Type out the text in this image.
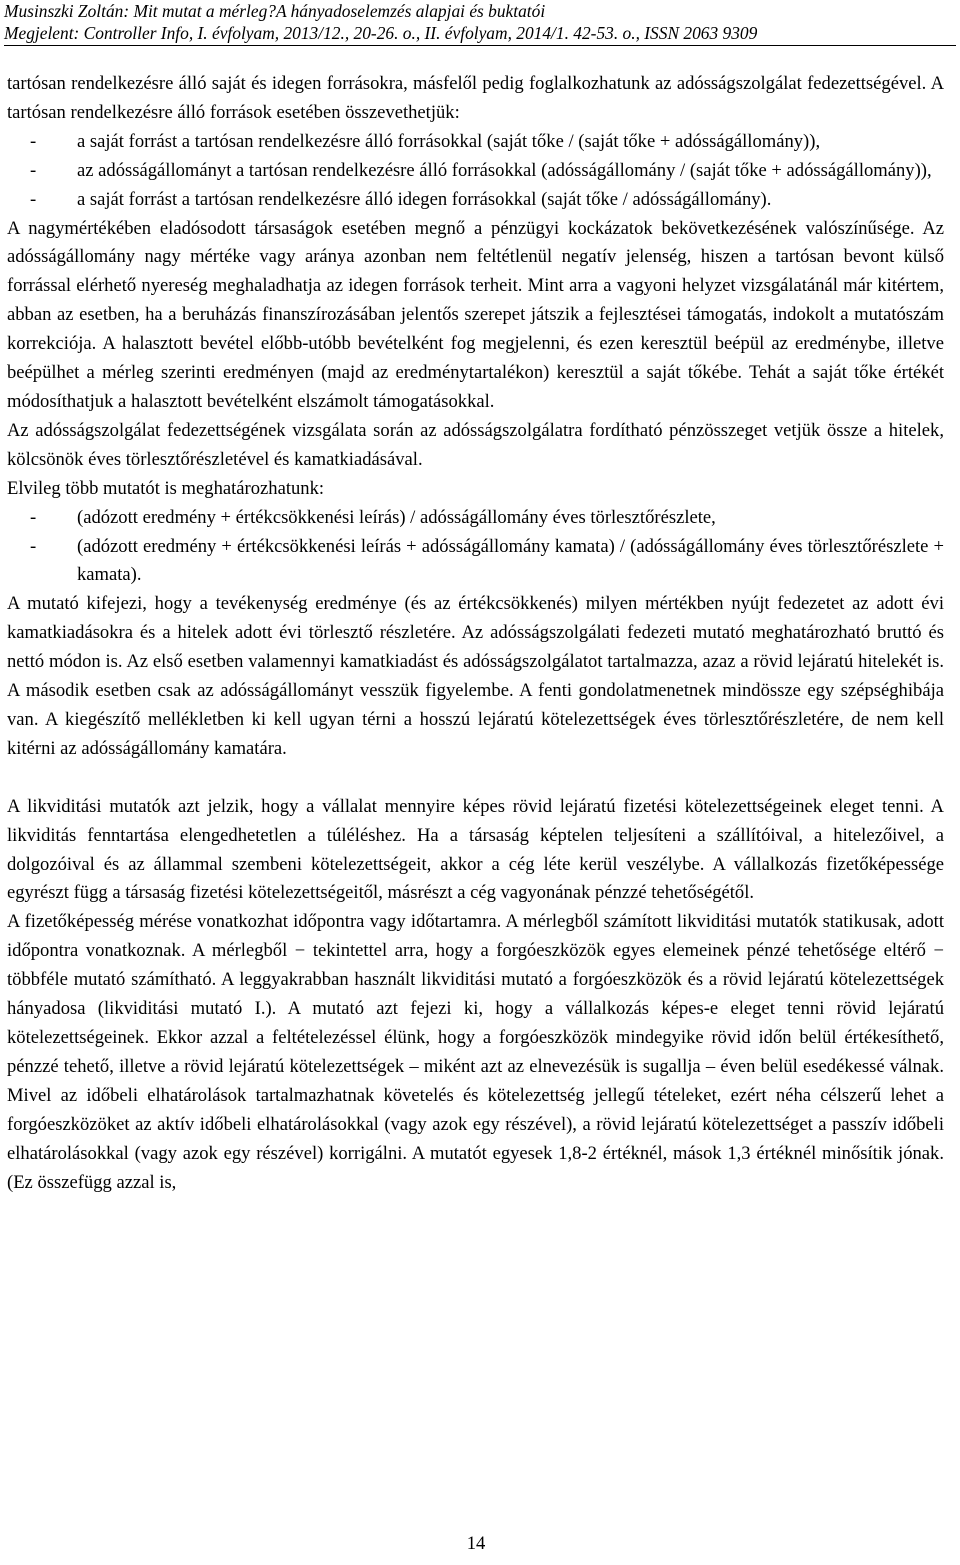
Musinszki Zoltán: Mit mutat a mérleg?A hányadoselemzés alapjai és buktatói
Megjelent: Controller Info, I. évfolyam, 2013/12., 20-26. o., II. évfolyam, 2014/1. 42-53. o., ISSN 2063 9309

tartósan rendelkezésre álló saját és idegen forrásokra, másfelől pedig foglalkozhatunk az adósságszolgálat fedezettségével. A tartósan rendelkezésre álló források esetében összevethetjük:

-	a saját forrást a tartósan rendelkezésre álló forrásokkal (saját tőke / (saját tőke + adósságállomány)),
-	az adósságállományt a tartósan rendelkezésre álló forrásokkal (adósságállomány / (saját tőke + adósságállomány)),
-	a saját forrást a tartósan rendelkezésre álló idegen forrásokkal (saját tőke / adósságállomány).

A nagymértékében eladósodott társaságok esetében megnő a pénzügyi kockázatok bekövetkezésének valószínűsége. Az adósságállomány nagy mértéke vagy aránya azonban nem feltétlenül negatív jelenség, hiszen a tartósan bevont külső forrással elérhető nyereség meghaladhatja az idegen források terheit. Mint arra a vagyoni helyzet vizsgálatánál már kitértem, abban az esetben, ha a beruházás finanszírozásában jelentős szerepet játszik a fejlesztései támogatás, indokolt a mutatószám korrekciója. A halasztott bevétel előbb-utóbb bevételként fog megjelenni, és ezen keresztül beépül az eredménybe, illetve beépülhet a mérleg szerinti eredményen (majd az eredménytartalékon) keresztül a saját tőkébe. Tehát a saját tőke értékét módosíthatjuk a halasztott bevételként elszámolt támogatásokkal.

Az adósságszolgálat fedezettségének vizsgálata során az adósságszolgálatra fordítható pénzösszeget vetjük össze a hitelek, kölcsönök éves törlesztőrészletével és kamatkiadásával.

Elvileg több mutatót is meghatározhatunk:

-	(adózott eredmény + értékcsökkenési leírás) / adósságállomány éves törlesztőrészlete,
-	(adózott eredmény + értékcsökkenési leírás + adósságállomány kamata) / (adósságállomány éves törlesztőrészlete + kamata).

A mutató kifejezi, hogy a tevékenység eredménye (és az értékcsökkenés) milyen mértékben nyújt fedezetet az adott évi kamatkiadásokra és a hitelek adott évi törlesztő részletére. Az adósságszolgálati fedezeti mutató meghatározható bruttó és nettó módon is. Az első esetben valamennyi kamatkiadást és adósságszolgálatot tartalmazza, azaz a rövid lejáratú hitelekét is. A második esetben csak az adósságállományt vesszük figyelembe. A fenti gondolatmenetnek mindössze egy szépséghibája van. A kiegészítő mellékletben ki kell ugyan térni a hosszú lejáratú kötelezettségek éves törlesztőrészletére, de nem kell kitérni az adósságállomány kamatára.

A likviditási mutatók azt jelzik, hogy a vállalat mennyire képes rövid lejáratú fizetési kötelezettségeinek eleget tenni. A likviditás fenntartása elengedhetetlen a túléléshez. Ha a társaság képtelen teljesíteni a szállítóival, a hitelezőivel, a dolgozóival és az állammal szembeni kötelezettségeit, akkor a cég léte kerül veszélybe. A vállalkozás fizetőképessége egyrészt függ a társaság fizetési kötelezettségeitől, másrészt a cég vagyonának pénzzé tehetőségétől.

A fizetőképesség mérése vonatkozhat időpontra vagy időtartamra. A mérlegből számított likviditási mutatók statikusak, adott időpontra vonatkoznak. A mérlegből − tekintettel arra, hogy a forgóeszközök egyes elemeinek pénzé tehetősége eltérő − többféle mutató számítható. A leggyakrabban használt likviditási mutató a forgóeszközök és a rövid lejáratú kötelezettségek hányadosa (likviditási mutató I.). A mutató azt fejezi ki, hogy a vállalkozás képes-e eleget tenni rövid lejáratú kötelezettségeinek. Ekkor azzal a feltételezéssel élünk, hogy a forgóeszközök mindegyike rövid időn belül értékesíthető, pénzzé tehető, illetve a rövid lejáratú kötelezettségek – miként azt az elnevezésük is sugallja – éven belül esedékessé válnak. Mivel az időbeli elhatárolások tartalmazhatnak követelés és kötelezettség jellegű tételeket, ezért néha célszerű lehet a forgóeszközöket az aktív időbeli elhatárolásokkal (vagy azok egy részével), a rövid lejáratú kötelezettséget a passzív időbeli elhatárolásokkal (vagy azok egy részével) korrigálni. A mutatót egyesek 1,8-2 értéknél, mások 1,3 értéknél minősítik jónak. (Ez összefügg azzal is,

14
